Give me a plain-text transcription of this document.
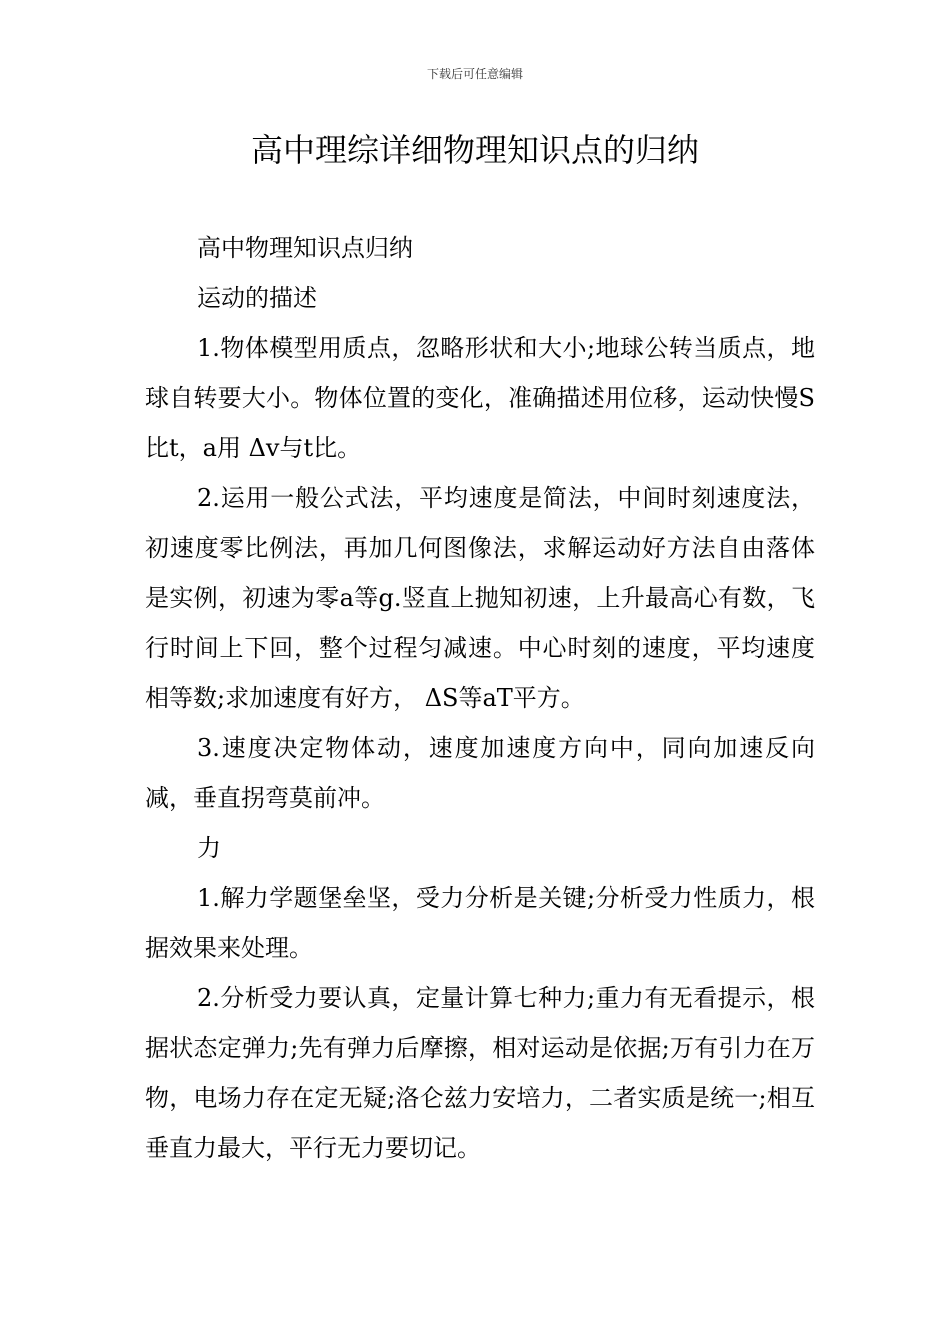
下载后可任意编辑
高中理综详细物理知识点的归纳

高中物理知识点归纳

运动的描述

1.物体模型用质点，忽略形状和大小;地球公转当质点，地球自转要大小。物体位置的变化，准确描述用位移，运动快慢S比t，a用 Δv与t比。

2.运用一般公式法，平均速度是简法，中间时刻速度法，初速度零比例法，再加几何图像法，求解运动好方法自由落体是实例，初速为零a等g.竖直上抛知初速，上升最高心有数，飞行时间上下回，整个过程匀减速。中心时刻的速度，平均速度相等数;求加速度有好方， ΔS等aT平方。

3.速度决定物体动，速度加速度方向中，同向加速反向减，垂直拐弯莫前冲。

力

1.解力学题堡垒坚，受力分析是关键;分析受力性质力，根据效果来处理。

2.分析受力要认真，定量计算七种力;重力有无看提示，根据状态定弹力;先有弹力后摩擦，相对运动是依据;万有引力在万物，电场力存在定无疑;洛仑兹力安培力，二者实质是统一;相互垂直力最大，平行无力要切记。
